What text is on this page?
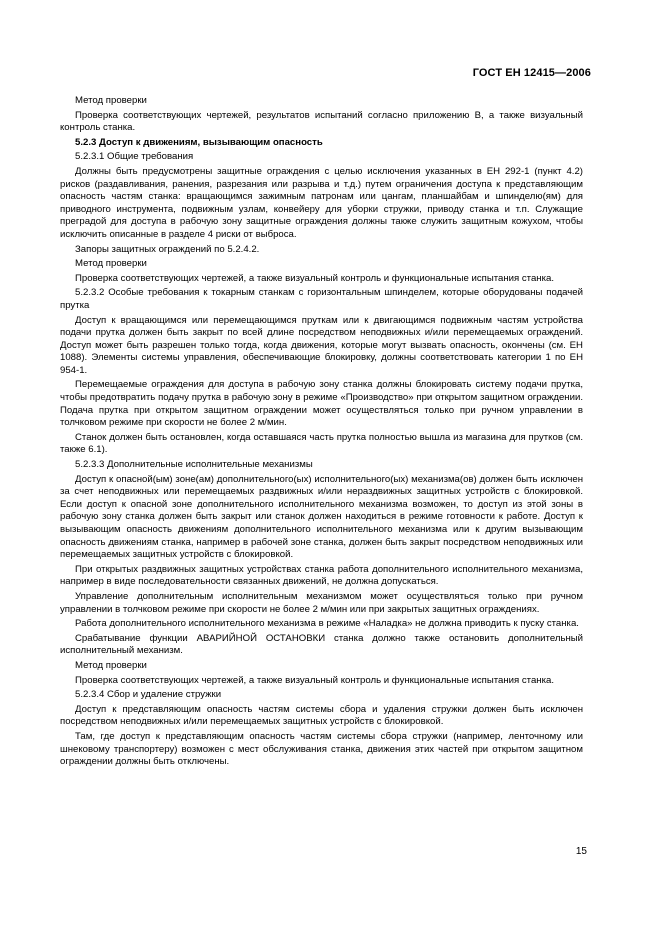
ГОСТ ЕН 12415—2006

Метод проверки

Проверка соответствующих чертежей, результатов испытаний согласно приложению B, а также визуальный контроль станка.

5.2.3 Доступ к движениям, вызывающим опасность

5.2.3.1 Общие требования

Должны быть предусмотрены защитные ограждения с целью исключения указанных в ЕН 292-1 (пункт 4.2) рисков (раздавливания, ранения, разрезания или разрыва и т.д.) путем ограничения доступа к представляющим опасность частям станка: вращающимся зажимным патронам или цангам, планшайбам и шпинделю(ям) для приводного инструмента, подвижным узлам, конвейеру для уборки стружки, приводу станка и т.п. Служащие преградой для доступа в рабочую зону защитные ограждения должны также служить защитным кожухом, чтобы исключить описанные в разделе 4 риски от выброса.

Запоры защитных ограждений по 5.2.4.2.

Метод проверки

Проверка соответствующих чертежей, а также визуальный контроль и функциональные испытания станка.

5.2.3.2 Особые требования к токарным станкам с горизонтальным шпинделем, которые оборудованы подачей прутка

Доступ к вращающимся или перемещающимся пруткам или к двигающимся подвижным частям устройства подачи прутка должен быть закрыт по всей длине посредством неподвижных и/или перемещаемых ограждений. Доступ может быть разрешен только тогда, когда движения, которые могут вызвать опасность, окончены (см. ЕН 1088). Элементы системы управления, обеспечивающие блокировку, должны соответствовать категории 1 по ЕН 954-1.

Перемещаемые ограждения для доступа в рабочую зону станка должны блокировать систему подачи прутка, чтобы предотвратить подачу прутка в рабочую зону в режиме «Производство» при открытом защитном ограждении. Подача прутка при открытом защитном ограждении может осуществляться только при ручном управлении в толчковом режиме при скорости не более 2 м/мин.

Станок должен быть остановлен, когда оставшаяся часть прутка полностью вышла из магазина для прутков (см. также 6.1).

5.2.3.3 Дополнительные исполнительные механизмы

Доступ к опасной(ым) зоне(ам) дополнительного(ых) исполнительного(ых) механизма(ов) должен быть исключен за счет неподвижных или перемещаемых раздвижных и/или нераздвижных защитных устройств с блокировкой. Если доступ к опасной зоне дополнительного исполнительного механизма возможен, то доступ из этой зоны в рабочую зону станка должен быть закрыт или станок должен находиться в режиме готовности к работе. Доступ к вызывающим опасность движениям дополнительного исполнительного механизма или к другим вызывающим опасность движениям станка, например в рабочей зоне станка, должен быть закрыт посредством неподвижных или перемещаемых защитных устройств с блокировкой.

При открытых раздвижных защитных устройствах станка работа дополнительного исполнительного механизма, например в виде последовательности связанных движений, не должна допускаться.

Управление дополнительным исполнительным механизмом может осуществляться только при ручном управлении в толчковом режиме при скорости не более 2 м/мин или при закрытых защитных ограждениях.

Работа дополнительного исполнительного механизма в режиме «Наладка» не должна приводить к пуску станка.

Срабатывание функции АВАРИЙНОЙ ОСТАНОВКИ станка должно также остановить дополнительный исполнительный механизм.

Метод проверки

Проверка соответствующих чертежей, а также визуальный контроль и функциональные испытания станка.

5.2.3.4 Сбор и удаление стружки

Доступ к представляющим опасность частям системы сбора и удаления стружки должен быть исключен посредством неподвижных и/или перемещаемых защитных устройств с блокировкой.

Там, где доступ к представляющим опасность частям системы сбора стружки (например, ленточному или шнековому транспортеру) возможен с мест обслуживания станка, движения этих частей при открытом защитном ограждении должны быть отключены.

15
